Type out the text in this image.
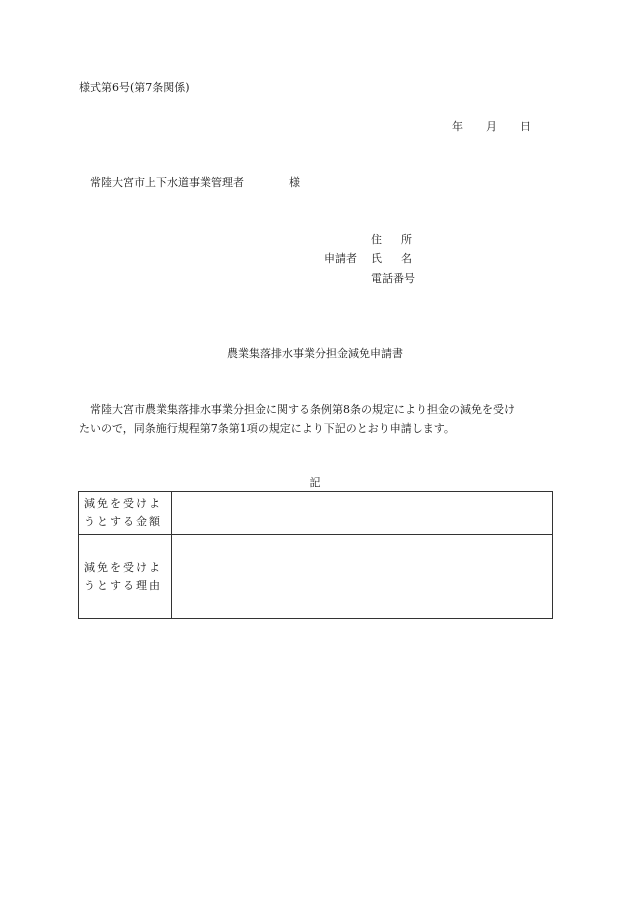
様式第6号(第7条関係)
年 月 日
常陸大宮市上下水道事業管理者	様
住 所
申請者 氏 名
電話番号
農業集落排水事業分担金減免申請書
　常陸大宮市農業集落排水事業分担金に関する条例第8条の規定により担金の減免を受け
たいので，同条施行規程第7条第1項の規定により下記のとおり申請します。
記
減免を受けよ
うとする金額	

減免を受けよ
うとする理由	
